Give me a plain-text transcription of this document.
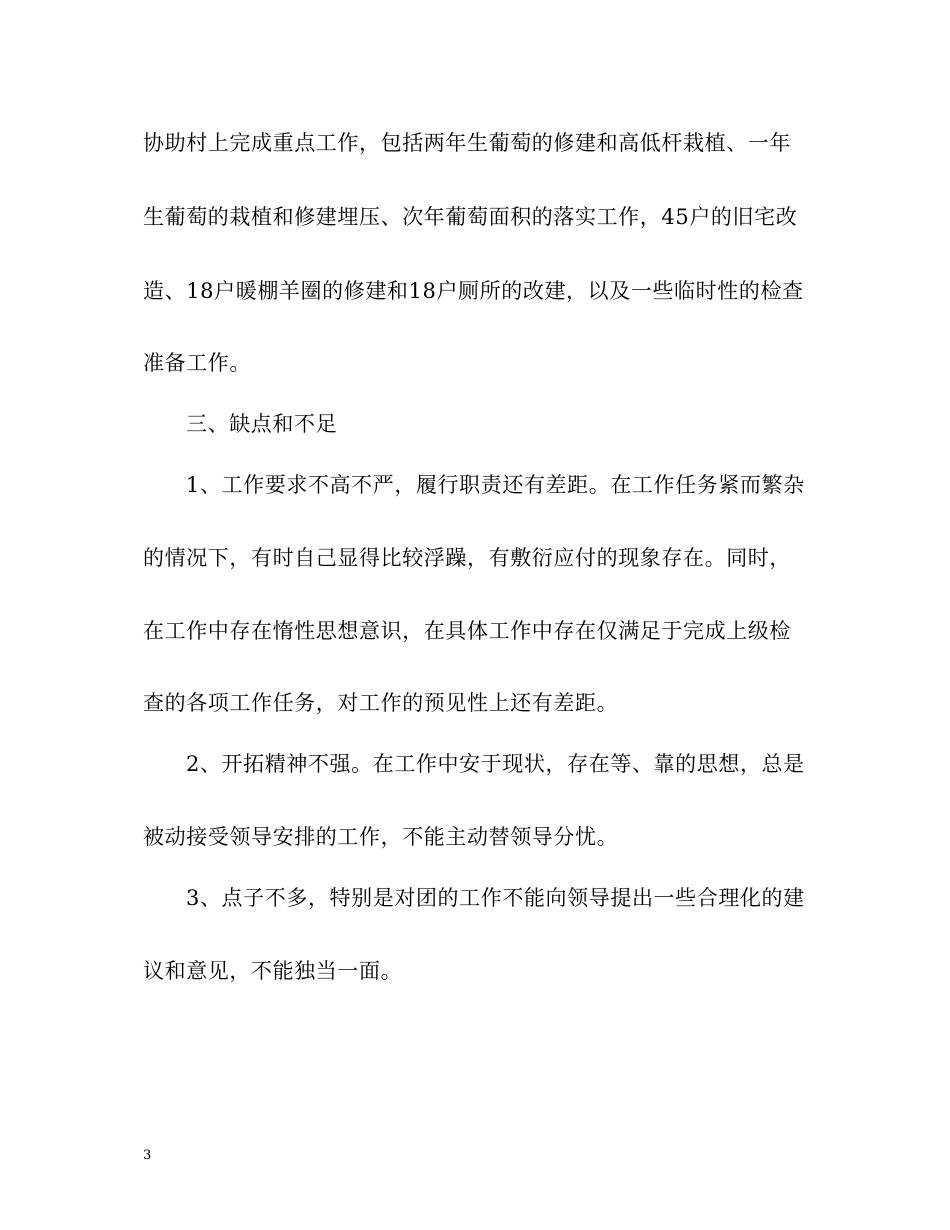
协助村上完成重点工作，包括两年生葡萄的修建和高低杆栽植、一年
生葡萄的栽植和修建埋压、次年葡萄面积的落实工作，45户的旧宅改
造、18户暖棚羊圈的修建和18户厕所的改建，以及一些临时性的检查
准备工作。
三、缺点和不足
1、工作要求不高不严，履行职责还有差距。在工作任务紧而繁杂
的情况下，有时自己显得比较浮躁，有敷衍应付的现象存在。同时，
在工作中存在惰性思想意识，在具体工作中存在仅满足于完成上级检
查的各项工作任务，对工作的预见性上还有差距。
2、开拓精神不强。在工作中安于现状，存在等、靠的思想，总是
被动接受领导安排的工作，不能主动替领导分忧。
3、点子不多，特别是对团的工作不能向领导提出一些合理化的建
议和意见，不能独当一面。
3
